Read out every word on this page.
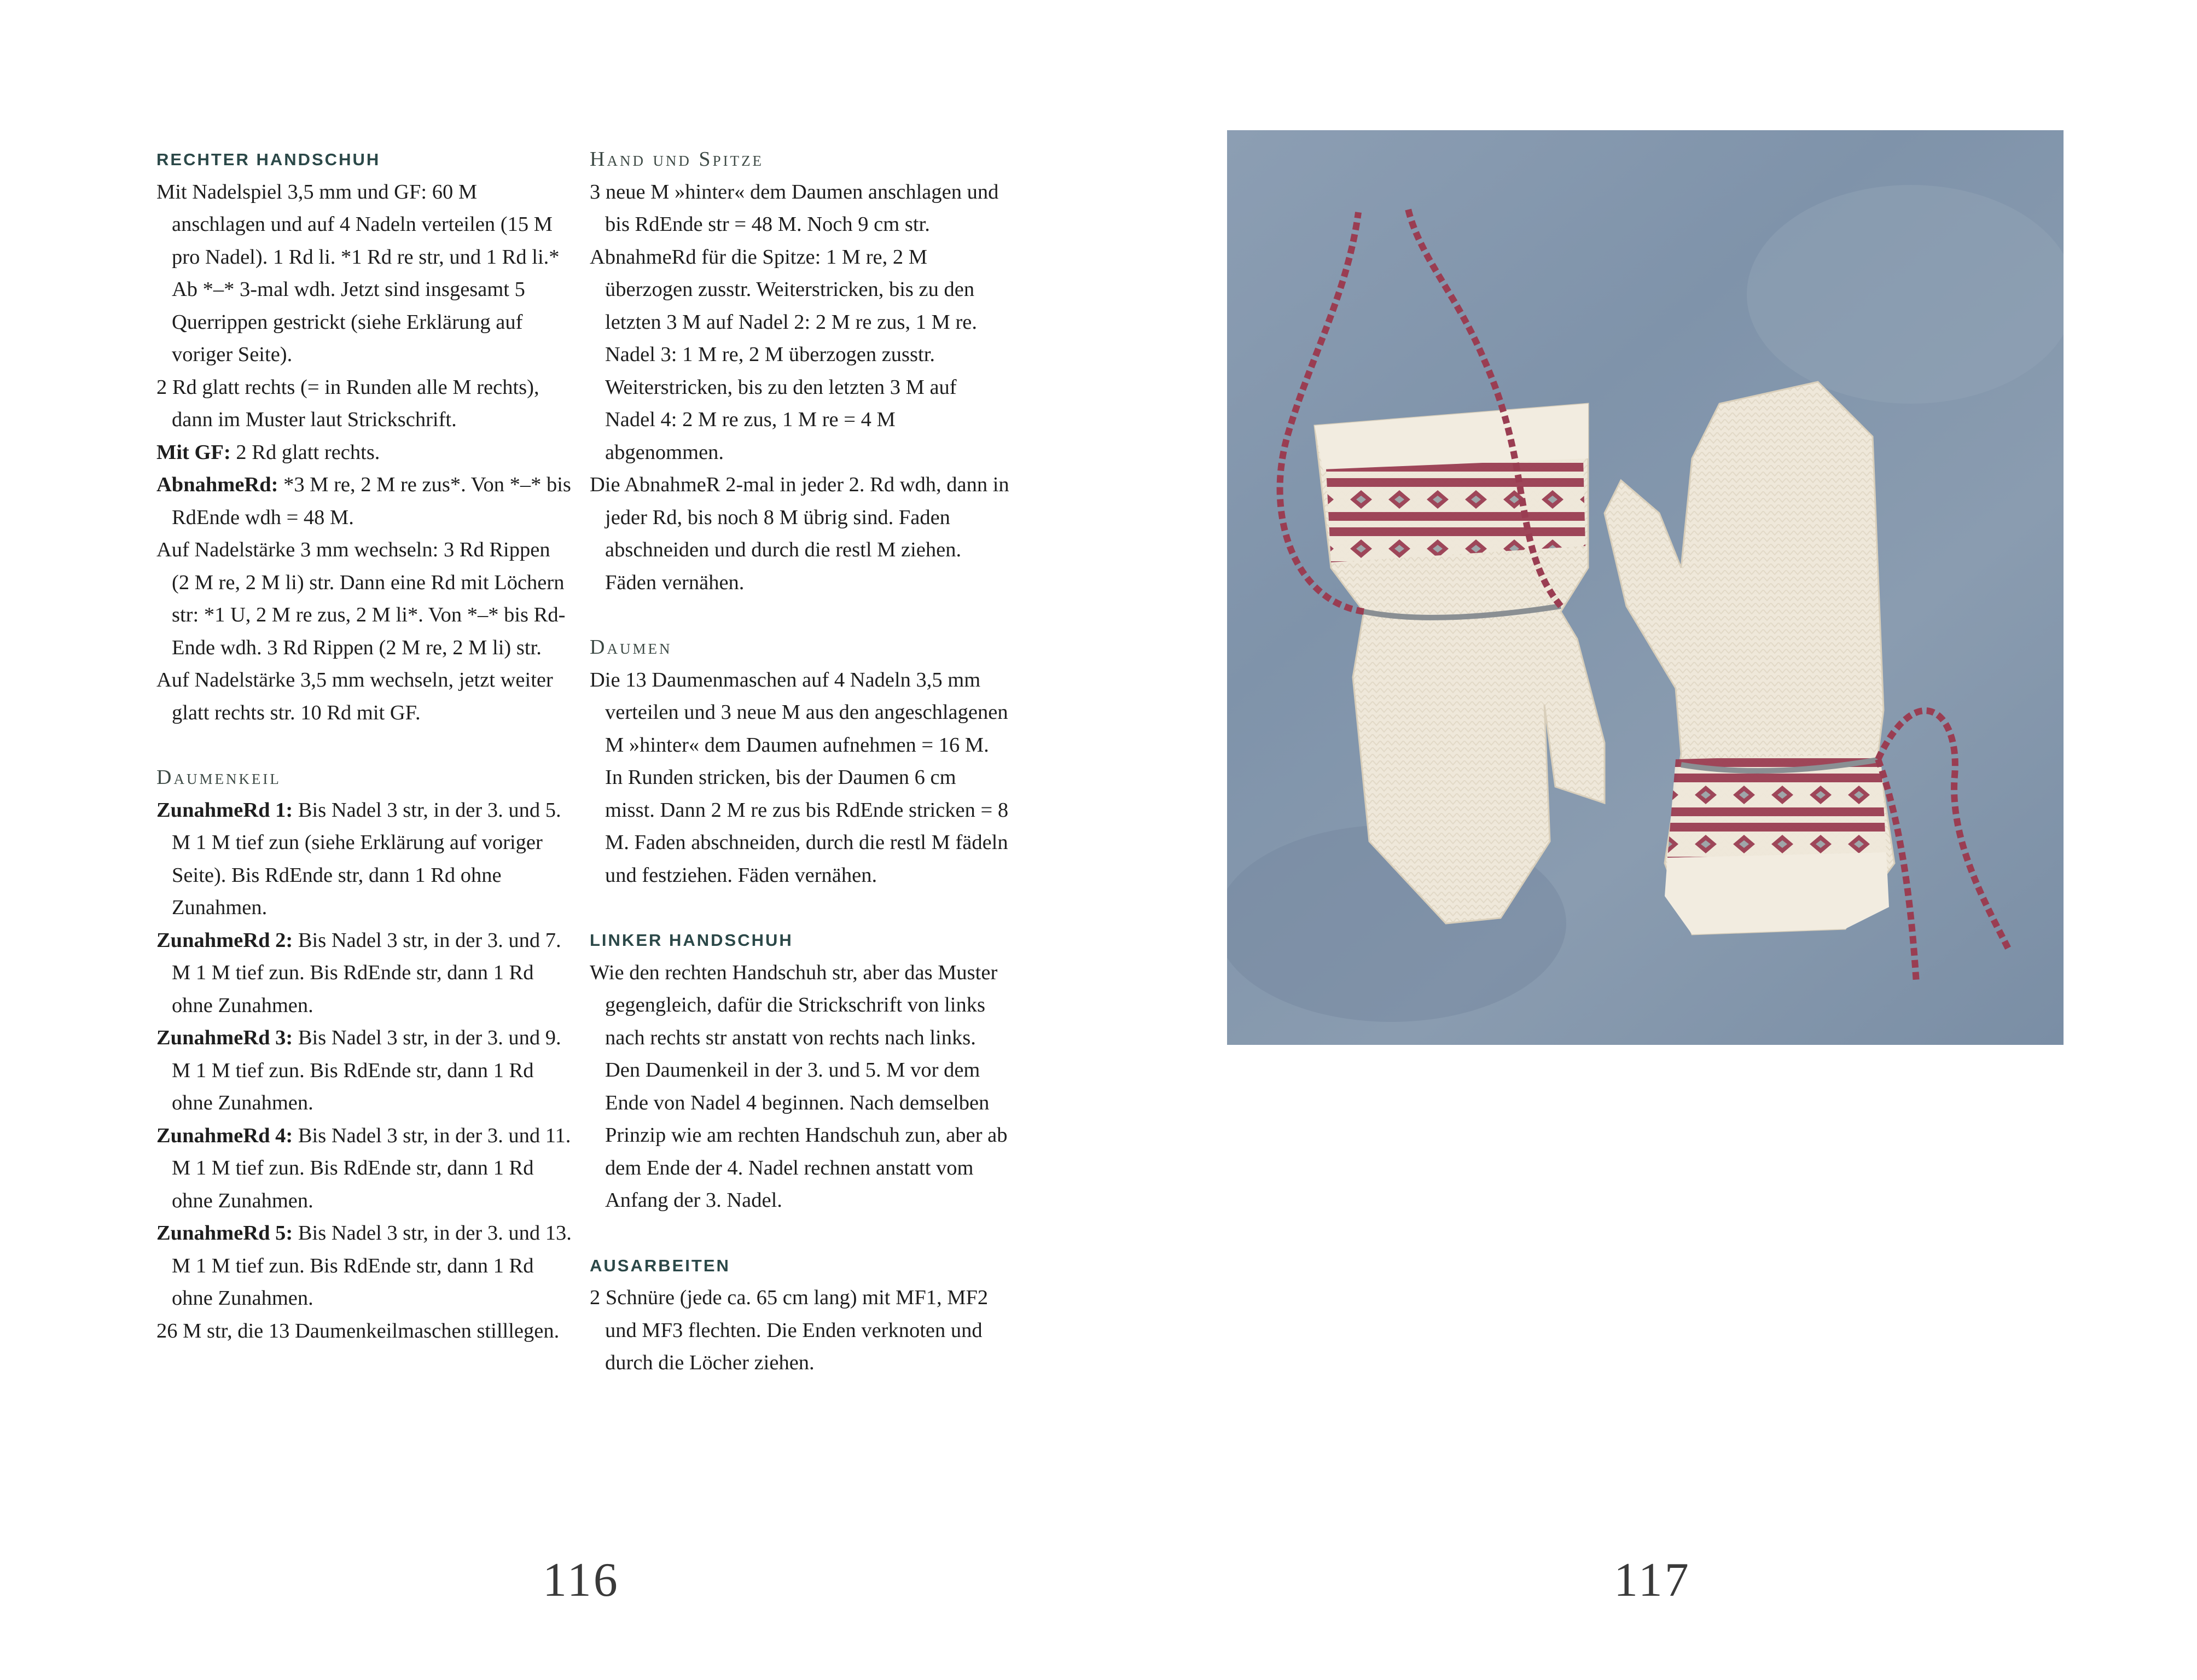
RECHTER HANDSCHUH
Mit Nadelspiel 3,5 mm und GF: 60 M anschlagen und auf 4 Nadeln verteilen (15 M pro Nadel). 1 Rd li. *1 Rd re str, und 1 Rd li.* Ab *–* 3-mal wdh. Jetzt sind insgesamt 5 Querrippen gestrickt (siehe Erklärung auf voriger Seite).
2 Rd glatt rechts (= in Runden alle M rechts), dann im Muster laut Strickschrift.
Mit GF: 2 Rd glatt rechts.
AbnahmeRd: *3 M re, 2 M re zus*. Von *–* bis RdEnde wdh = 48 M.
Auf Nadelstärke 3 mm wechseln: 3 Rd Rippen (2 M re, 2 M li) str. Dann eine Rd mit Löchern str: *1 U, 2 M re zus, 2 M li*. Von *–* bis Rd-Ende wdh. 3 Rd Rippen (2 M re, 2 M li) str.
Auf Nadelstärke 3,5 mm wechseln, jetzt weiter glatt rechts str. 10 Rd mit GF.
Daumenkeil
ZunahmeRd 1: Bis Nadel 3 str, in der 3. und 5. M 1 M tief zun (siehe Erklärung auf voriger Seite). Bis RdEnde str, dann 1 Rd ohne Zunahmen.
ZunahmeRd 2: Bis Nadel 3 str, in der 3. und 7. M 1 M tief zun. Bis RdEnde str, dann 1 Rd ohne Zunahmen.
ZunahmeRd 3: Bis Nadel 3 str, in der 3. und 9. M 1 M tief zun. Bis RdEnde str, dann 1 Rd ohne Zunahmen.
ZunahmeRd 4: Bis Nadel 3 str, in der 3. und 11. M 1 M tief zun. Bis RdEnde str, dann 1 Rd ohne Zunahmen.
ZunahmeRd 5: Bis Nadel 3 str, in der 3. und 13. M 1 M tief zun. Bis RdEnde str, dann 1 Rd ohne Zunahmen.
26 M str, die 13 Daumenkeilmaschen stilllegen.
Hand und Spitze
3 neue M »hinter« dem Daumen anschlagen und bis RdEnde str = 48 M. Noch 9 cm str.
AbnahmeRd für die Spitze: 1 M re, 2 M überzogen zusstr. Weiterstricken, bis zu den letzten 3 M auf Nadel 2: 2 M re zus, 1 M re. Nadel 3: 1 M re, 2 M überzogen zusstr. Weiterstricken, bis zu den letzten 3 M auf Nadel 4: 2 M re zus, 1 M re = 4 M abgenommen.
Die AbnahmeR 2-mal in jeder 2. Rd wdh, dann in jeder Rd, bis noch 8 M übrig sind. Faden abschneiden und durch die restl M ziehen. Fäden vernähen.
Daumen
Die 13 Daumenmaschen auf 4 Nadeln 3,5 mm verteilen und 3 neue M aus den angeschlagenen M »hinter« dem Daumen aufnehmen = 16 M. In Runden stricken, bis der Daumen 6 cm misst. Dann 2 M re zus bis RdEnde stricken = 8 M. Faden abschneiden, durch die restl M fädeln und festziehen. Fäden vernähen.
LINKER HANDSCHUH
Wie den rechten Handschuh str, aber das Muster gegengleich, dafür die Strickschrift von links nach rechts str anstatt von rechts nach links. Den Daumenkeil in der 3. und 5. M vor dem Ende von Nadel 4 beginnen. Nach demselben Prinzip wie am rechten Handschuh zun, aber ab dem Ende der 4. Nadel rechnen anstatt vom Anfang der 3. Nadel.
AUSARBEITEN
2 Schnüre (jede ca. 65 cm lang) mit MF1, MF2 und MF3 flechten. Die Enden verknoten und durch die Löcher ziehen.
116	117
